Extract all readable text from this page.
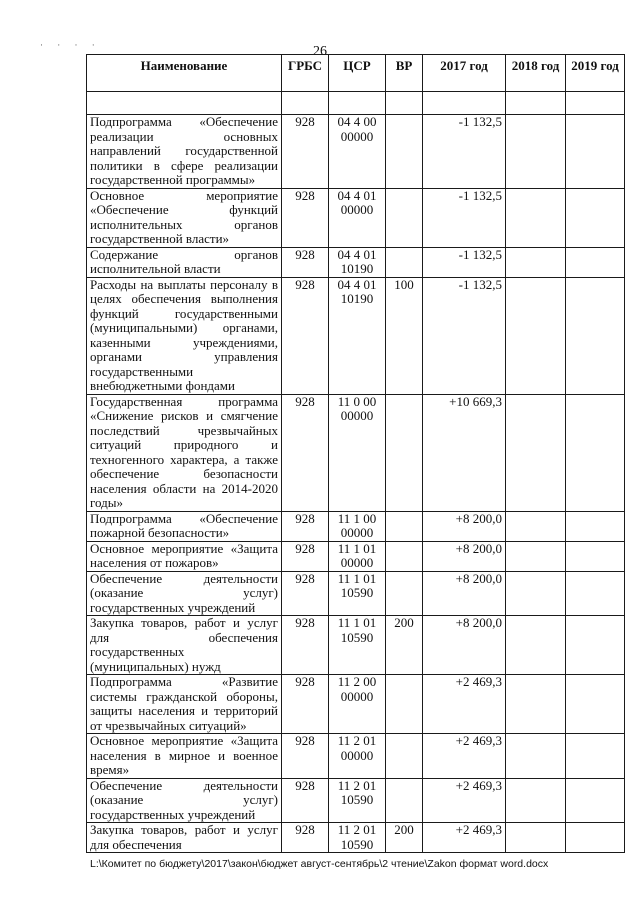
· · · ·	26
Наименование	ГРБС	ЦСР	ВР	2017 год	2018 год	2019 год

Подпрограмма «Обеспечение реализации основных направлений государственной политики в сфере реализации государственной программы»	928	04 4 00 00000		-1 132,5		
Основное мероприятие «Обеспечение функций исполнительных органов государственной власти»	928	04 4 01 00000		-1 132,5		
Содержание органов исполнительной власти	928	04 4 01 10190		-1 132,5		
Расходы на выплаты персоналу в целях обеспечения выполнения функций государственными (муниципальными) органами, казенными учреждениями, органами управления государственными внебюджетными фондами	928	04 4 01 10190	100	-1 132,5		
Государственная программа «Снижение рисков и смягчение последствий чрезвычайных ситуаций природного и техногенного характера, а также обеспечение безопасности населения области на 2014-2020 годы»	928	11 0 00 00000		+10 669,3		
Подпрограмма «Обеспечение пожарной безопасности»	928	11 1 00 00000		+8 200,0		
Основное мероприятие «Защита населения от пожаров»	928	11 1 01 00000		+8 200,0		
Обеспечение деятельности (оказание услуг) государственных учреждений	928	11 1 01 10590		+8 200,0		
Закупка товаров, работ и услуг для обеспечения государственных (муниципальных) нужд	928	11 1 01 10590	200	+8 200,0		
Подпрограмма «Развитие системы гражданской обороны, защиты населения и территорий от чрезвычайных ситуаций»	928	11 2 00 00000		+2 469,3		
Основное мероприятие «Защита населения в мирное и военное время»	928	11 2 01 00000		+2 469,3		
Обеспечение деятельности (оказание услуг) государственных учреждений	928	11 2 01 10590		+2 469,3		
Закупка товаров, работ и услуг для обеспечения	928	11 2 01 10590	200	+2 469,3		
L:\Комитет по бюджету\2017\закон\бюджет август-сентябрь\2 чтение\Zakon формат word.docx
